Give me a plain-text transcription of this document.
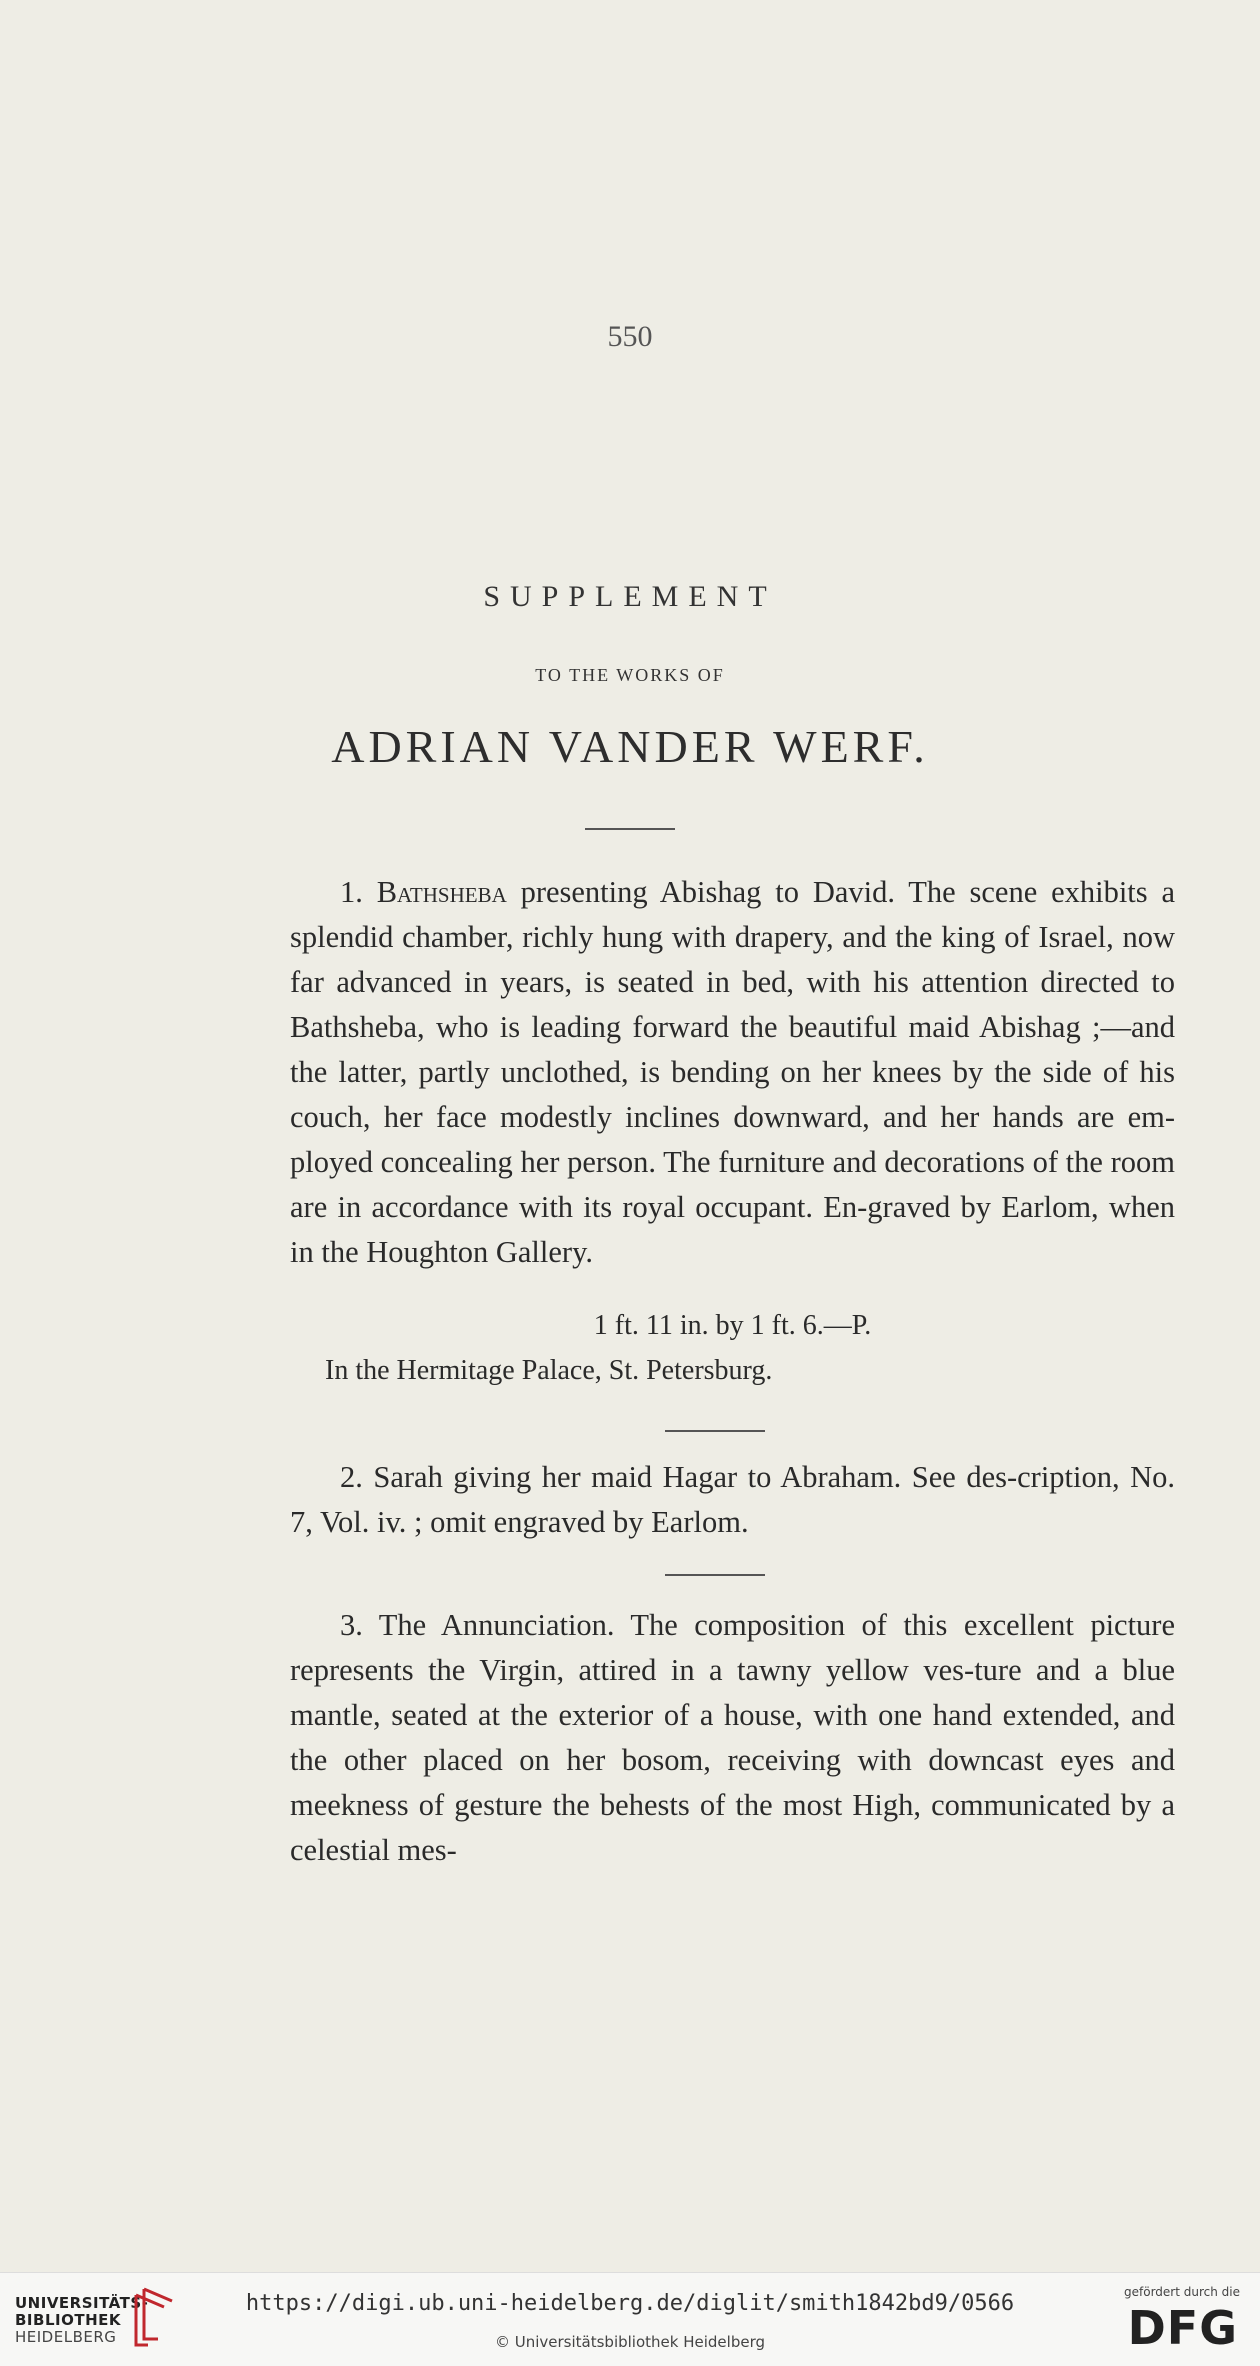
550
SUPPLEMENT
TO THE WORKS OF
ADRIAN VANDER WERF.
1. Bathsheba presenting Abishag to David. The scene exhibits a splendid chamber, richly hung with drapery, and the king of Israel, now far advanced in years, is seated in bed, with his attention directed to Bathsheba, who is leading forward the beautiful maid Abishag ;—and the latter, partly unclothed, is bending on her knees by the side of his couch, her face modestly inclines downward, and her hands are em-ployed concealing her person. The furniture and decorations of the room are in accordance with its royal occupant. En-graved by Earlom, when in the Houghton Gallery.
1 ft. 11 in. by 1 ft. 6.—P.
In the Hermitage Palace, St. Petersburg.
2. Sarah giving her maid Hagar to Abraham. See des-cription, No. 7, Vol. iv. ; omit engraved by Earlom.
3. The Annunciation. The composition of this excellent picture represents the Virgin, attired in a tawny yellow ves-ture and a blue mantle, seated at the exterior of a house, with one hand extended, and the other placed on her bosom, receiving with downcast eyes and meekness of gesture the behests of the most High, communicated by a celestial mes-
UNIVERSITÄTS-
BIBLIOTHEK
HEIDELBERG
https://digi.ub.uni-heidelberg.de/diglit/smith1842bd9/0566
© Universitätsbibliothek Heidelberg
gefördert durch die
DFG
